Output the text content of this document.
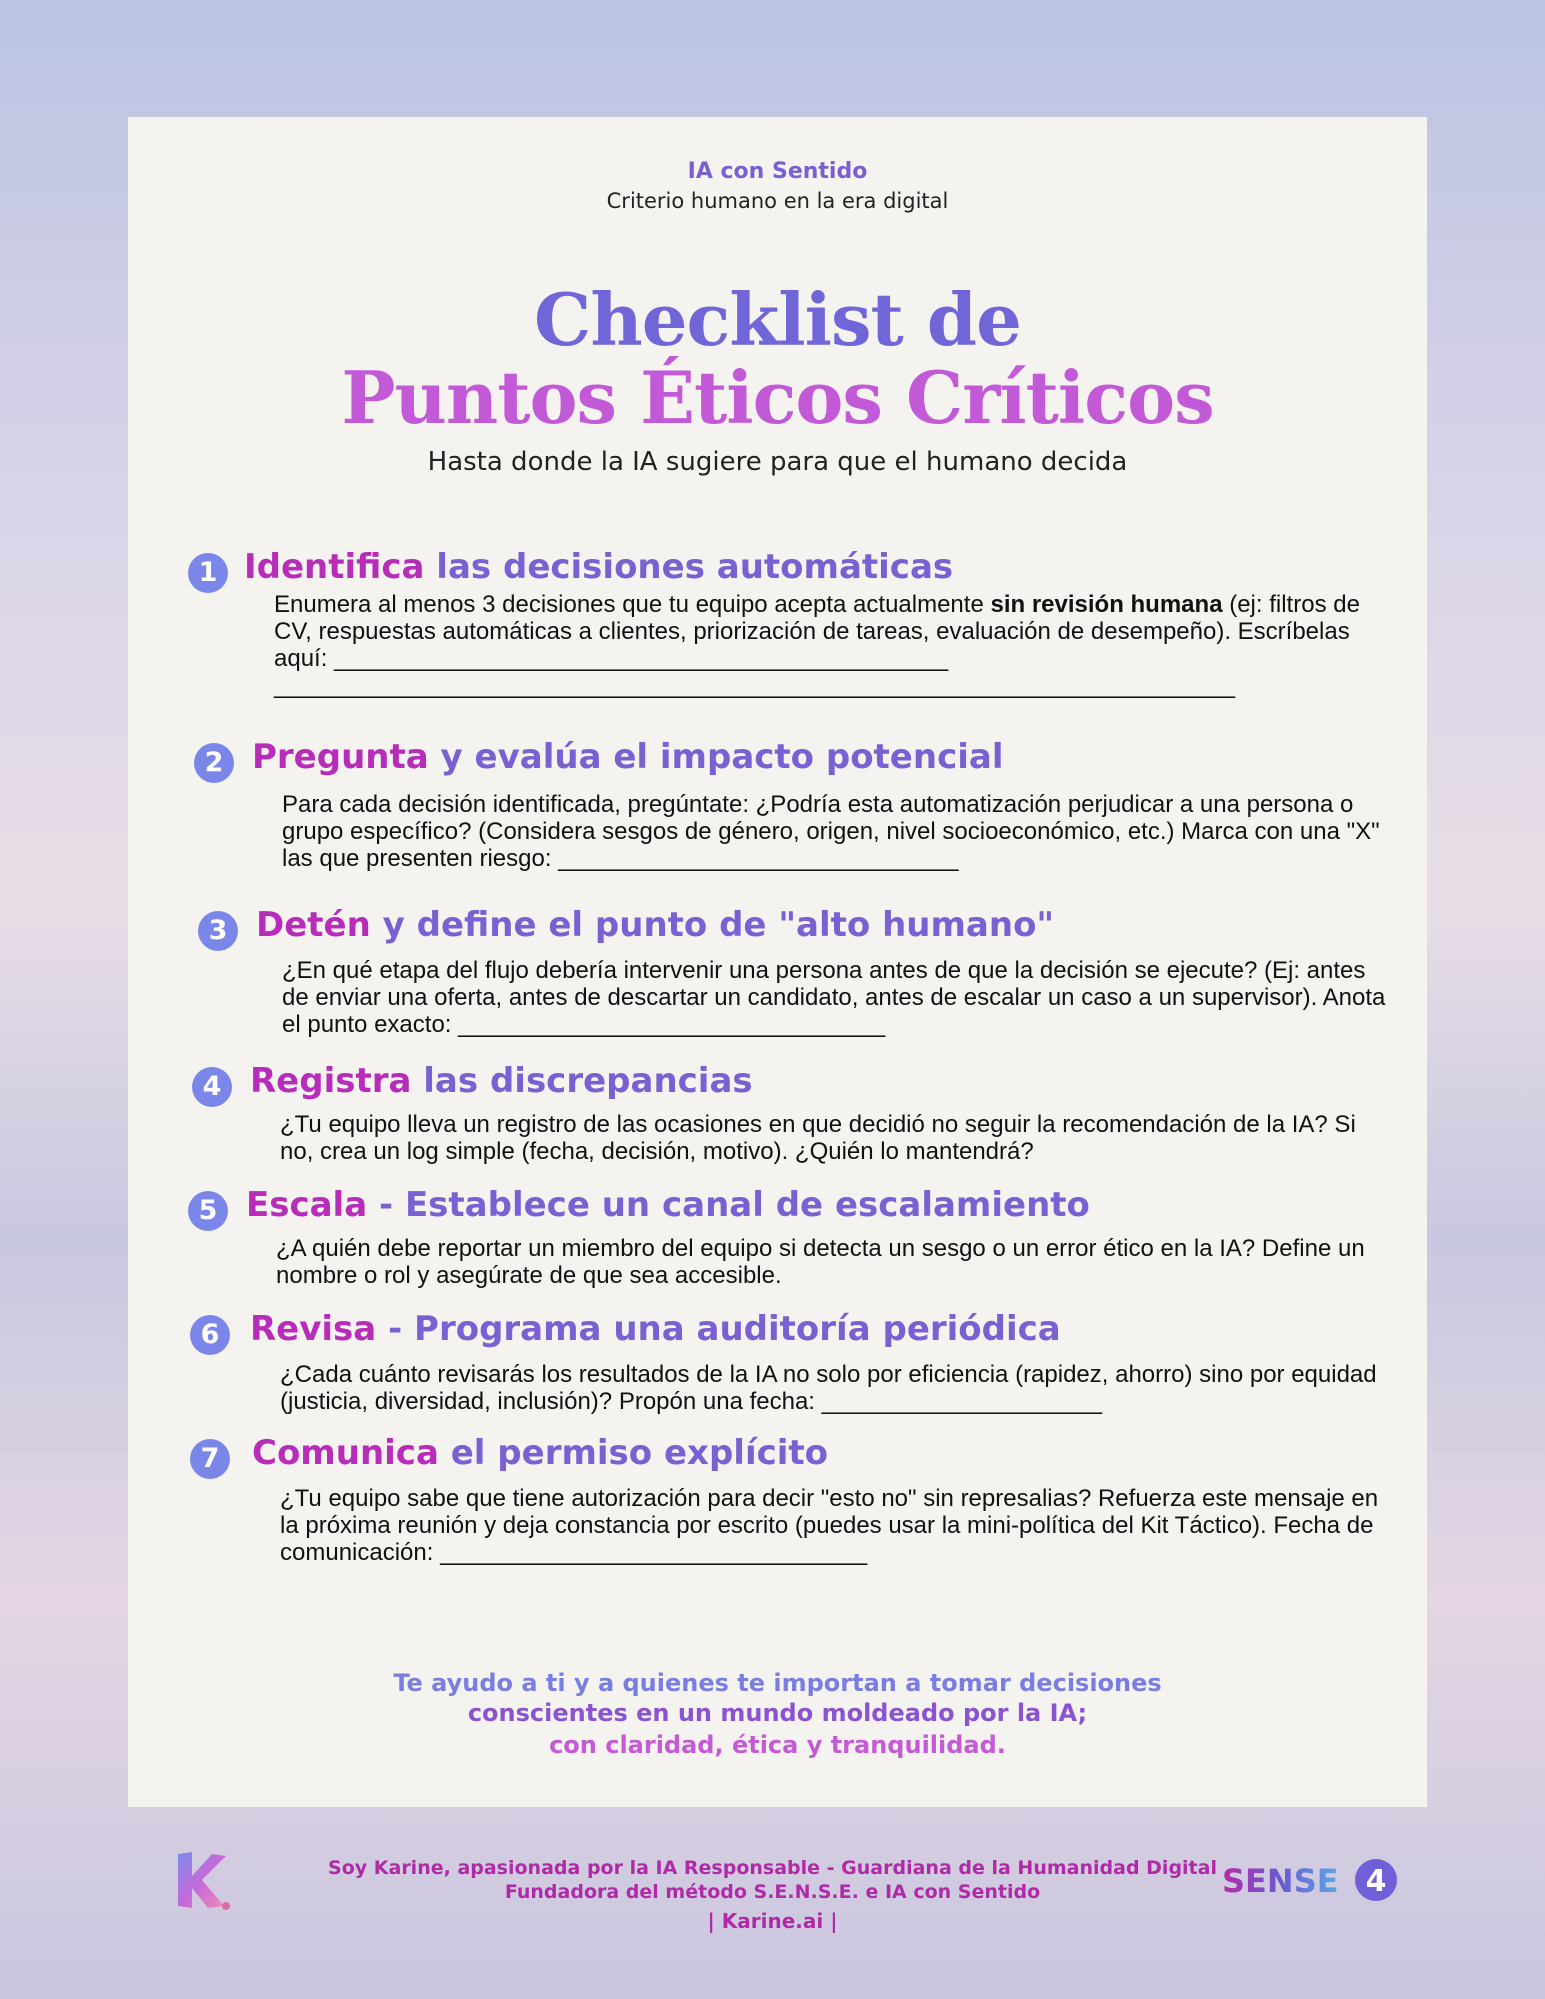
IA con Sentido
Criterio humano en la era digital
Checklist de
Puntos Éticos Críticos
Hasta donde la IA sugiere para que el humano decida
1 Identifica las decisiones automáticas
Enumera al menos 3 decisiones que tu equipo acepta actualmente sin revisión humana (ej: filtros de CV, respuestas automáticas a clientes, priorización de tareas, evaluación de desempeño). Escríbelas aquí: ______________________________________________ ________________________________________________________________________
2 Pregunta y evalúa el impacto potencial
Para cada decisión identificada, pregúntate: ¿Podría esta automatización perjudicar a una persona o grupo específico? (Considera sesgos de género, origen, nivel socioeconómico, etc.) Marca con una "X" las que presenten riesgo: ______________________________
3 Detén y define el punto de "alto humano"
¿En qué etapa del flujo debería intervenir una persona antes de que la decisión se ejecute? (Ej: antes de enviar una oferta, antes de descartar un candidato, antes de escalar un caso a un supervisor). Anota el punto exacto: ________________________________
4 Registra las discrepancias
¿Tu equipo lleva un registro de las ocasiones en que decidió no seguir la recomendación de la IA? Si no, crea un log simple (fecha, decisión, motivo). ¿Quién lo mantendrá?
5 Escala - Establece un canal de escalamiento
¿A quién debe reportar un miembro del equipo si detecta un sesgo o un error ético en la IA? Define un nombre o rol y asegúrate de que sea accesible.
6 Revisa - Programa una auditoría periódica
¿Cada cuánto revisarás los resultados de la IA no solo por eficiencia (rapidez, ahorro) sino por equidad (justicia, diversidad, inclusión)? Propón una fecha: _____________________
7 Comunica el permiso explícito
¿Tu equipo sabe que tiene autorización para decir "esto no" sin represalias? Refuerza este mensaje en la próxima reunión y deja constancia por escrito (puedes usar la mini-política del Kit Táctico). Fecha de comunicación: ________________________________
Te ayudo a ti y a quienes te importan a tomar decisiones
conscientes en un mundo moldeado por la IA;
con claridad, ética y tranquilidad.
K
Soy Karine, apasionada por la IA Responsable - Guardiana de la Humanidad Digital
Fundadora del método S.E.N.S.E. e IA con Sentido
| Karine.ai |
SENSE 4
